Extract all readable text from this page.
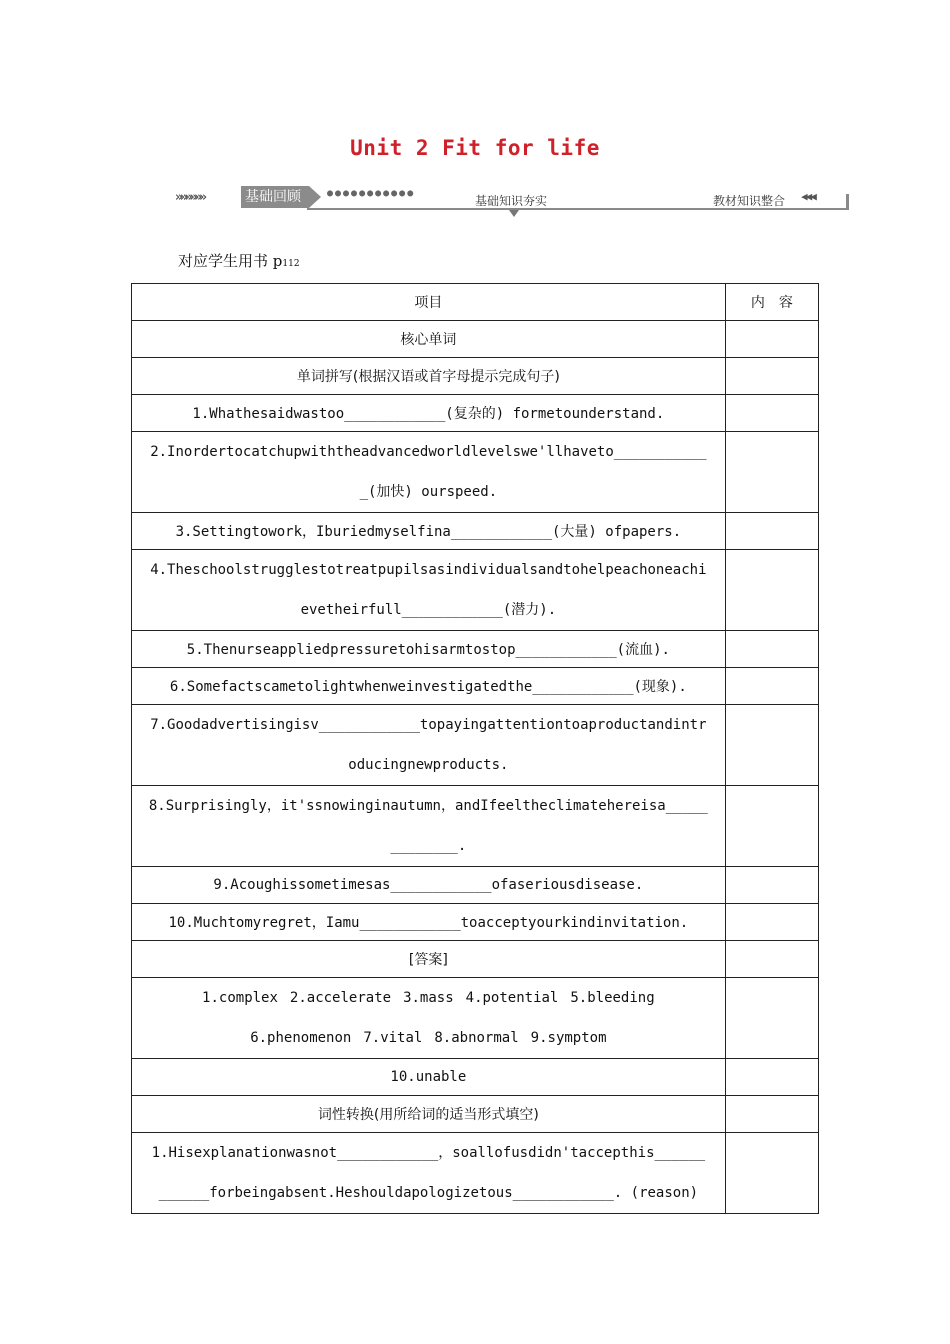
Unit 2 Fit for life
»»»»»»	基础回顾	●●●●●●●●●●●
基础知识夯实	教材知识整合 ◀◀◀
对应学生用书 p112
项目	内　容
核心单词	
单词拼写(根据汉语或首字母提示完成句子)	
1.Whathesaidwastoo____________(复杂的) formetounderstand.	

2.Inordertocatchupwiththeadvancedworldlevelswe'llhaveto___________
_(加快) ourspeed.	

3.Settingtowork，Iburiedmyselfina____________(大量) ofpapers.	

4.Theschoolstrugglestotreatpupilsasindividualsandtohelpeachoneachi
evetheirfull____________(潜力).	

5.Thenurseappliedpressuretohisarmtostop____________(流血).	
6.Somefactscametolightwhenweinvestigatedthe____________(现象).	

7.Goodadvertisingisv____________topayingattentiontoaproductandintr
oducingnewproducts.	

8.Surprisingly，it'ssnowinginautumn，andIfeeltheclimatehereisa_____
________.	

9.Acoughissometimesas____________ofaseriousdisease.	
10.Muchtomyregret，Iamu____________toacceptyourkindinvitation.	
[答案]	

1.complex 2.accelerate 3.mass 4.potential 5.bleeding
6.phenomenon 7.vital 8.abnormal 9.symptom	

10.unable	
词性转换(用所给词的适当形式填空)	

1.Hisexplanationwasnot____________，soallofusdidn'taccepthis______
______forbeingabsent.Heshouldapologizetous____________. (reason)	
